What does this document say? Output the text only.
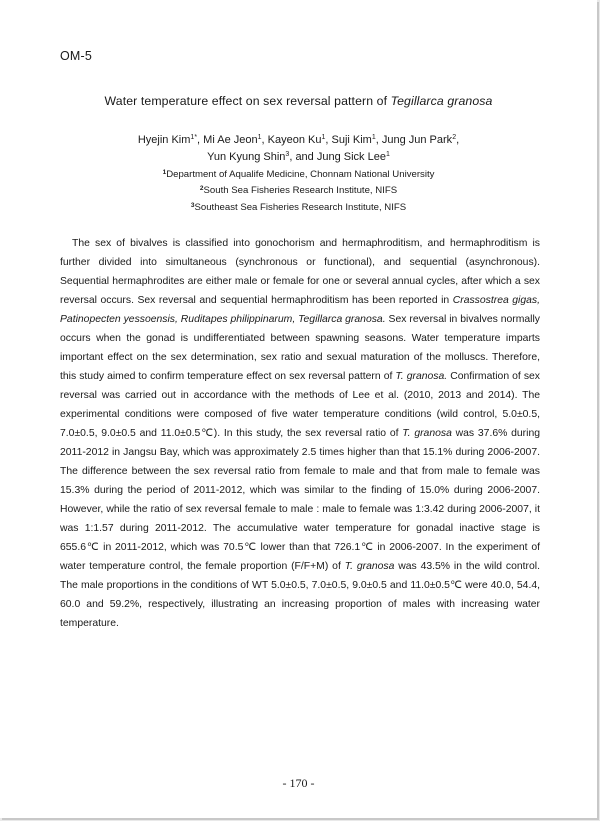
OM-5
Water temperature effect on sex reversal pattern of Tegillarca granosa
Hyejin Kim$^{1*}$, Mi Ae Jeon$^1$, Kayeon Ku$^1$, Suji Kim$^1$, Jung Jun Park$^2$,
Yun Kyung Shin$^3$, and Jung Sick Lee$^1$
$^1$Department of Aqualife Medicine, Chonnam National University
$^2$South Sea Fisheries Research Institute, NIFS
$^3$Southeast Sea Fisheries Research Institute, NIFS

The sex of bivalves is classified into gonochorism and hermaphroditism, and hermaphroditism is further divided into simultaneous (synchronous or functional), and sequential (asynchronous). Sequential hermaphrodites are either male or female for one or several annual cycles, after which a sex reversal occurs. Sex reversal and sequential hermaphroditism has been reported in Crassostrea gigas, Patinopecten yessoensis, Ruditapes philippinarum, Tegillarca granosa. Sex reversal in bivalves normally occurs when the gonad is undifferentiated between spawning seasons. Water temperature imparts important effect on the sex determination, sex ratio and sexual maturation of the molluscs. Therefore, this study aimed to confirm temperature effect on sex reversal pattern of T. granosa. Confirmation of sex reversal was carried out in accordance with the methods of Lee et al. (2010, 2013 and 2014). The experimental conditions were composed of five water temperature conditions (wild control, 5.0±0.5, 7.0±0.5, 9.0±0.5 and 11.0±0.5℃). In this study, the sex reversal ratio of T. granosa was 37.6% during 2011-2012 in Jangsu Bay, which was approximately 2.5 times higher than that 15.1% during 2006-2007. The difference between the sex reversal ratio from female to male and that from male to female was 15.3% during the period of 2011-2012, which was similar to the finding of 15.0% during 2006-2007. However, while the ratio of sex reversal female to male : male to female was 1:3.42 during 2006-2007, it was 1:1.57 during 2011-2012. The accumulative water temperature for gonadal inactive stage is 655.6℃ in 2011-2012, which was 70.5℃ lower than that 726.1℃ in 2006-2007. In the experiment of water temperature control, the female proportion (F/F+M) of T. granosa was 43.5% in the wild control. The male proportions in the conditions of WT 5.0±0.5, 7.0±0.5, 9.0±0.5 and 11.0±0.5℃ were 40.0, 54.4, 60.0 and 59.2%, respectively, illustrating an increasing proportion of males with increasing water temperature.

- 170 -
